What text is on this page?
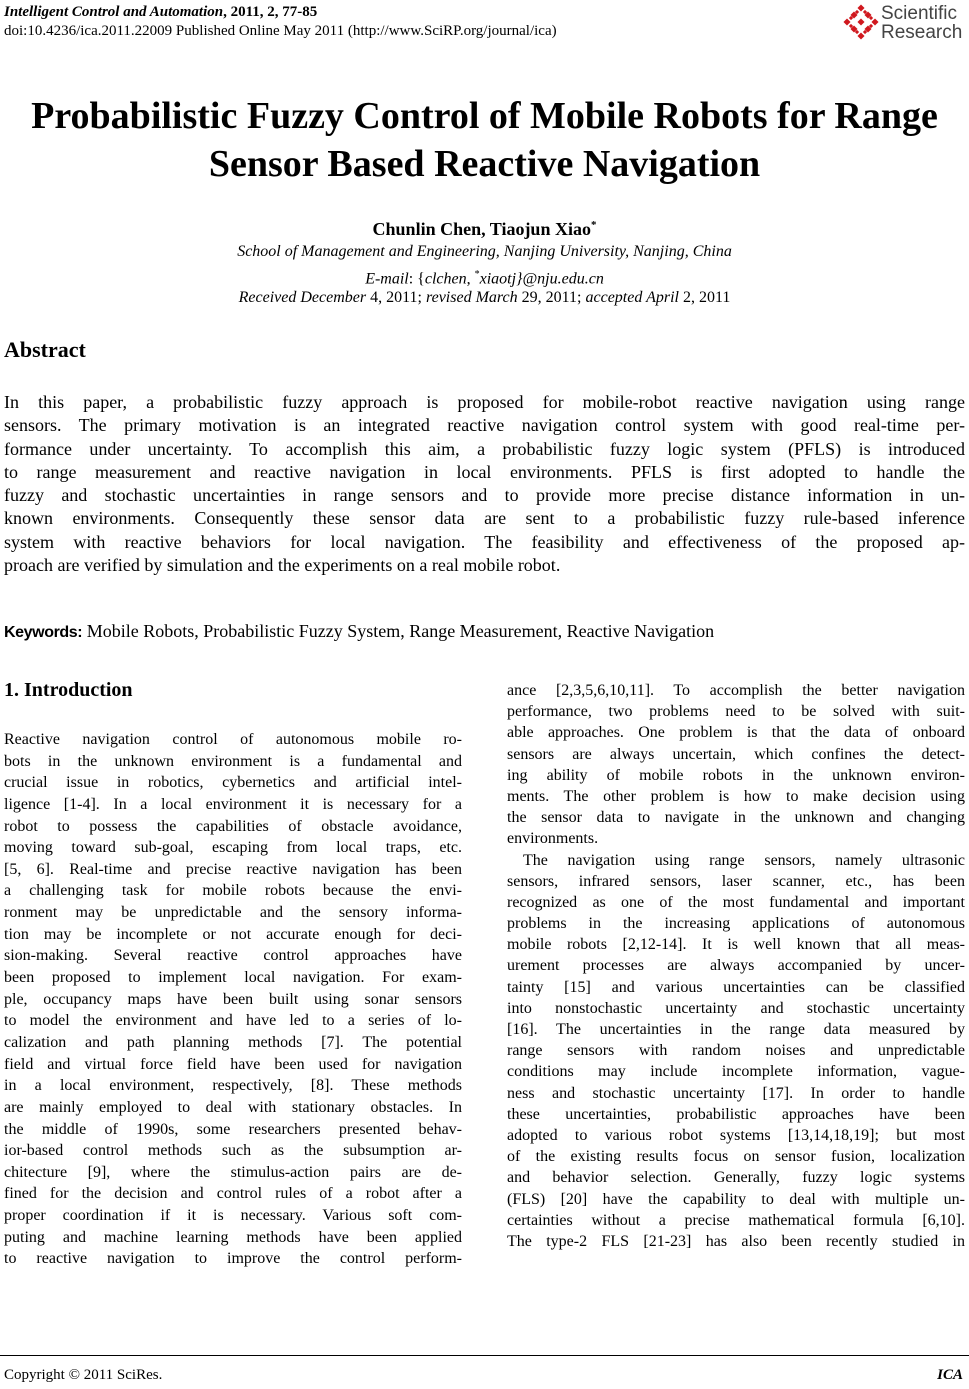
Intelligent Control and Automation, 2011, 2, 77-85
doi:10.4236/ica.2011.22009 Published Online May 2011 (http://www.SciRP.org/journal/ica)
Scientific
Research
Probabilistic Fuzzy Control of Mobile Robots for Range
Sensor Based Reactive Navigation
Chunlin Chen, Tiaojun Xiao*
School of Management and Engineering, Nanjing University, Nanjing, China
E-mail: {clchen, *xiaotj}@nju.edu.cn
Received December 4, 2011; revised March 29, 2011; accepted April 2, 2011
Abstract
In this paper, a probabilistic fuzzy approach is proposed for mobile-robot reactive navigation using range
sensors. The primary motivation is an integrated reactive navigation control system with good real-time per-
formance under uncertainty. To accomplish this aim, a probabilistic fuzzy logic system (PFLS) is introduced
to range measurement and reactive navigation in local environments. PFLS is first adopted to handle the
fuzzy and stochastic uncertainties in range sensors and to provide more precise distance information in un-
known environments. Consequently these sensor data are sent to a probabilistic fuzzy rule-based inference
system with reactive behaviors for local navigation. The feasibility and effectiveness of the proposed ap-
proach are verified by simulation and the experiments on a real mobile robot.
Keywords: Mobile Robots, Probabilistic Fuzzy System, Range Measurement, Reactive Navigation
1. Introduction
Reactive navigation control of autonomous mobile ro-
bots in the unknown environment is a fundamental and
crucial issue in robotics, cybernetics and artificial intel-
ligence [1-4]. In a local environment it is necessary for a
robot to possess the capabilities of obstacle avoidance,
moving toward sub-goal, escaping from local traps, etc.
[5, 6]. Real-time and precise reactive navigation has been
a challenging task for mobile robots because the envi-
ronment may be unpredictable and the sensory informa-
tion may be incomplete or not accurate enough for deci-
sion-making. Several reactive control approaches have
been proposed to implement local navigation. For exam-
ple, occupancy maps have been built using sonar sensors
to model the environment and have led to a series of lo-
calization and path planning methods [7]. The potential
field and virtual force field have been used for navigation
in a local environment, respectively, [8]. These methods
are mainly employed to deal with stationary obstacles. In
the middle of 1990s, some researchers presented behav-
ior-based control methods such as the subsumption ar-
chitecture [9], where the stimulus-action pairs are de-
fined for the decision and control rules of a robot after a
proper coordination if it is necessary. Various soft com-
puting and machine learning methods have been applied
to reactive navigation to improve the control perform-
ance [2,3,5,6,10,11]. To accomplish the better navigation
performance, two problems need to be solved with suit-
able approaches. One problem is that the data of onboard
sensors are always uncertain, which confines the detect-
ing ability of mobile robots in the unknown environ-
ments. The other problem is how to make decision using
the sensor data to navigate in the unknown and changing
environments.
The navigation using range sensors, namely ultrasonic
sensors, infrared sensors, laser scanner, etc., has been
recognized as one of the most fundamental and important
problems in the increasing applications of autonomous
mobile robots [2,12-14]. It is well known that all meas-
urement processes are always accompanied by uncer-
tainty [15] and various uncertainties can be classified
into nonstochastic uncertainty and stochastic uncertainty
[16]. The uncertainties in the range data measured by
range sensors with random noises and unpredictable
conditions may include incomplete information, vague-
ness and stochastic uncertainty [17]. In order to handle
these uncertainties, probabilistic approaches have been
adopted to various robot systems [13,14,18,19]; but most
of the existing results focus on sensor fusion, localization
and behavior selection. Generally, fuzzy logic systems
(FLS) [20] have the capability to deal with multiple un-
certainties without a precise mathematical formula [6,10].
The type-2 FLS [21-23] has also been recently studied in
Copyright © 2011 SciRes.	ICA
